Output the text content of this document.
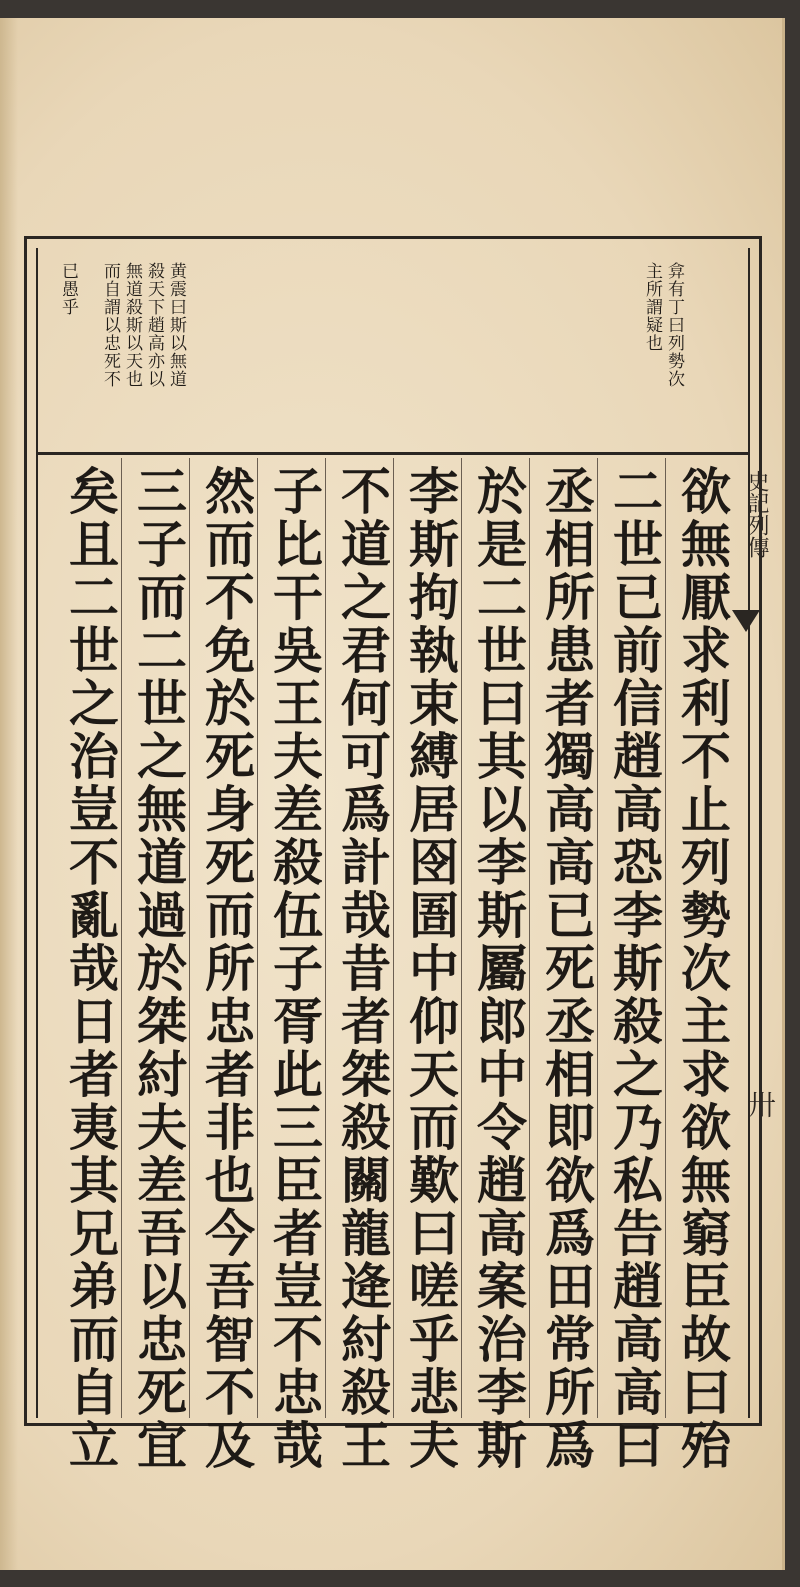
弇有丁曰列勢次
主所謂疑也
黄震曰斯以無道
殺天下趙高亦以
無道殺斯以天也
而自謂以忠死不
已愚乎
欲無厭求利不止列勢次主求欲無窮臣故曰殆
二世已前信趙高恐李斯殺之乃私告趙高高曰
丞相所患者獨高高已死丞相即欲爲田常所爲
於是二世曰其以李斯屬郎中令趙高案治李斯
李斯拘執束縛居囹圄中仰天而歎曰嗟乎悲夫
不道之君何可爲計哉昔者桀殺關龍逄紂殺王
子比干吳王夫差殺伍子胥此三臣者豈不忠哉
然而不免於死身死而所忠者非也今吾智不及
三子而二世之無道過於桀紂夫差吾以忠死宜
矣且二世之治豈不亂哉日者夷其兄弟而自立	史記列傳
卅
